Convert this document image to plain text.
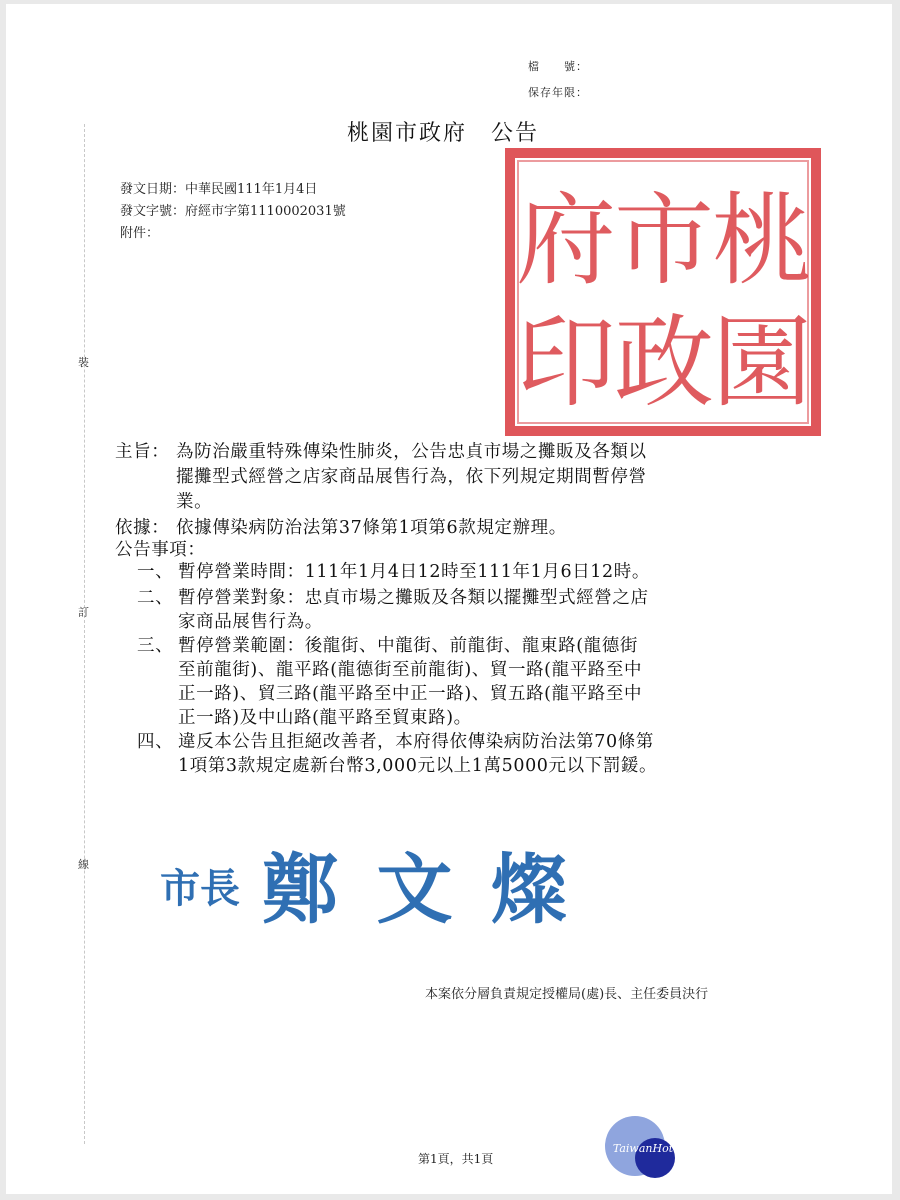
裝
訂
線
檔　　號：
保存年限：
桃園市政府　公告
發文日期：中華民國111年1月4日
發文字號：府經市字第1110002031號
附件：	桃
園
市
政
府
印
主旨： 為防治嚴重特殊傳染性肺炎，公告忠貞市場之攤販及各類以
擺攤型式經營之店家商品展售行為，依下列規定期間暫停營
業。
依據： 依據傳染病防治法第37條第1項第6款規定辦理。
公告事項：
一、 暫停營業時間：111年1月4日12時至111年1月6日12時。
二、 暫停營業對象：忠貞市場之攤販及各類以擺攤型式經營之店
家商品展售行為。
三、 暫停營業範圍：後龍街、中龍街、前龍街、龍東路(龍德街
至前龍街)、龍平路(龍德街至前龍街)、貿一路(龍平路至中
正一路)、貿三路(龍平路至中正一路)、貿五路(龍平路至中
正一路)及中山路(龍平路至貿東路)。
四、 違反本公告且拒絕改善者，本府得依傳染病防治法第70條第
1項第3款規定處新台幣3,000元以上1萬5000元以下罰鍰。
市長 鄭 文 燦
本案依分層負責規定授權局(處)長、主任委員決行
第1頁，共1頁
TaiwanHot
